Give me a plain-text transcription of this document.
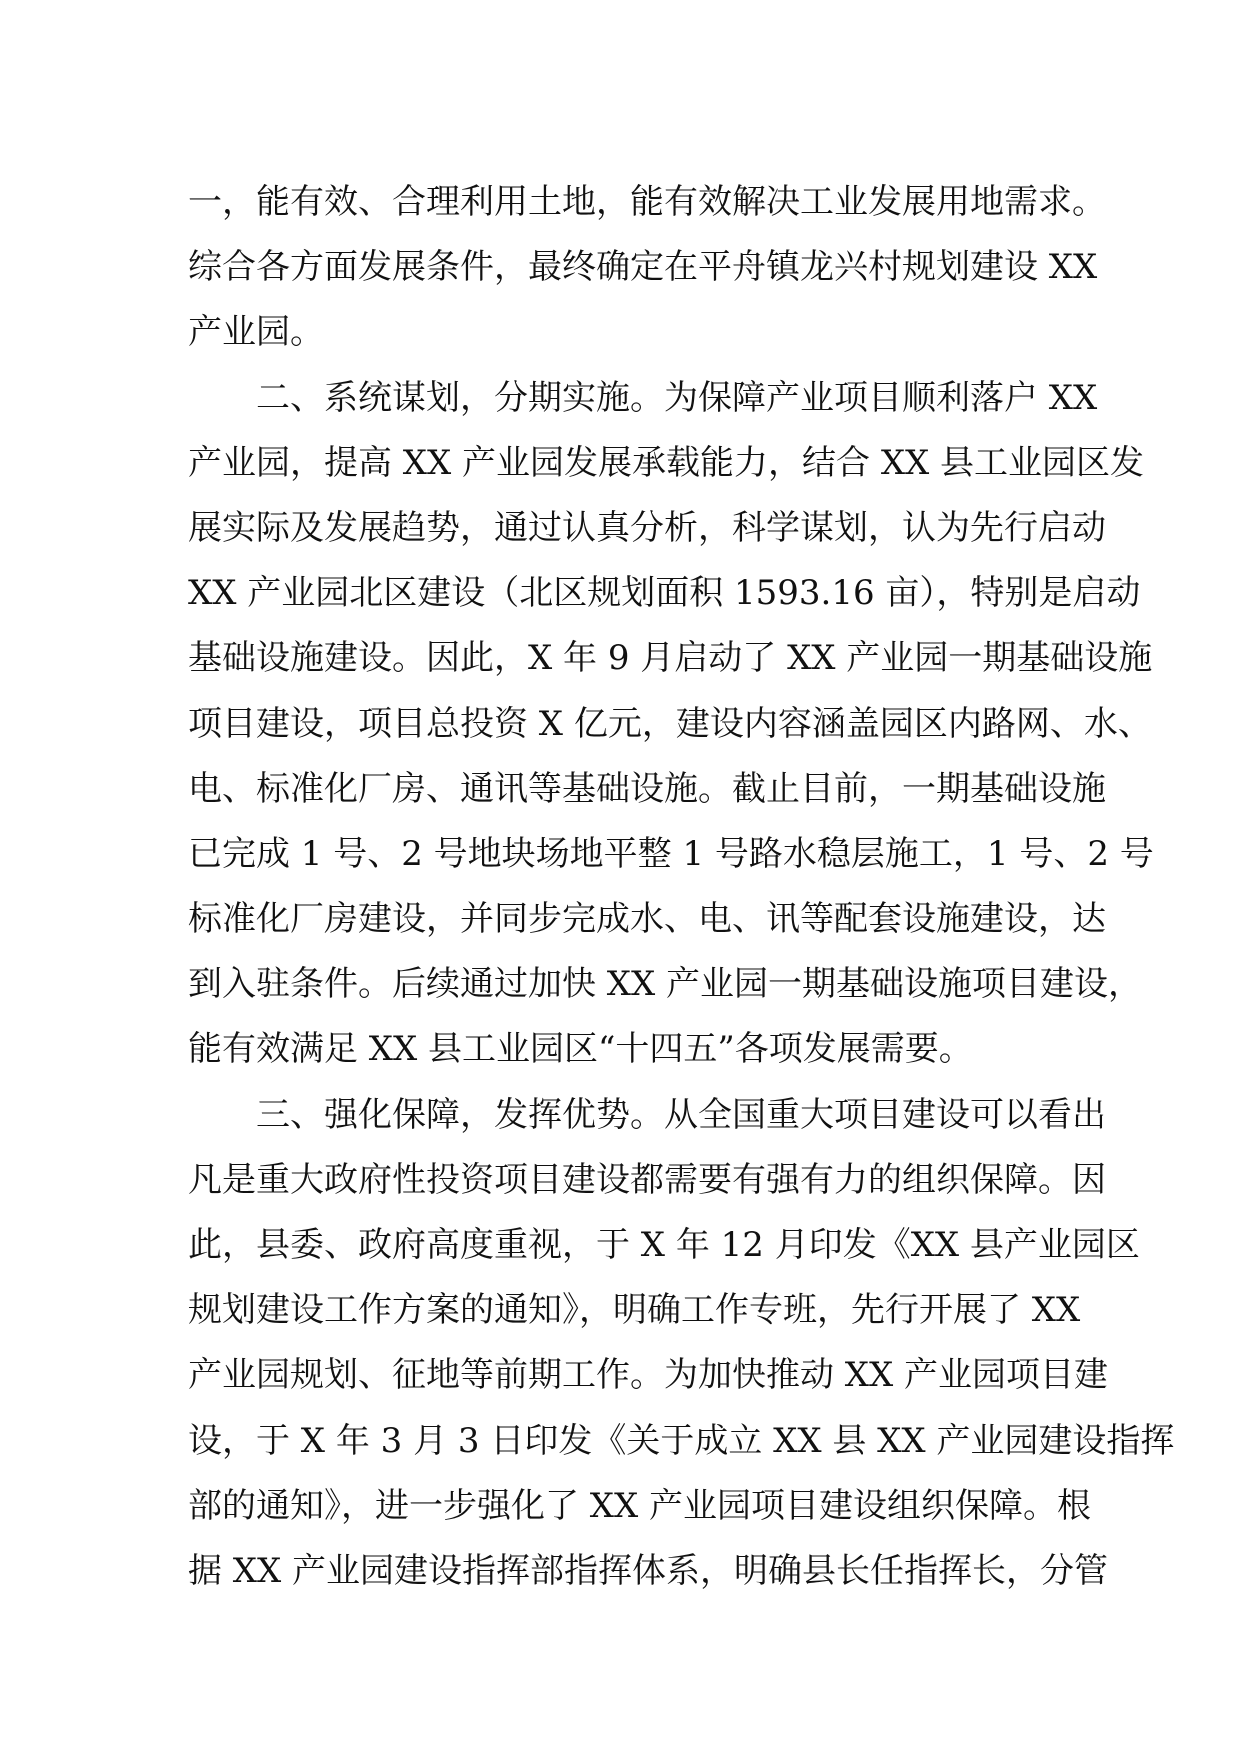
一，能有效、合理利用土地，能有效解决工业发展用地需求。
综合各方面发展条件，最终确定在平舟镇龙兴村规划建设 XX
产业园。
二、系统谋划，分期实施。为保障产业项目顺利落户 XX
产业园，提高 XX 产业园发展承载能力，结合 XX 县工业园区发
展实际及发展趋势，通过认真分析，科学谋划，认为先行启动
XX 产业园北区建设（北区规划面积 1593.16 亩），特别是启动
基础设施建设。因此，X 年 9 月启动了 XX 产业园一期基础设施
项目建设，项目总投资 X 亿元，建设内容涵盖园区内路网、水、
电、标准化厂房、通讯等基础设施。截止目前，一期基础设施
已完成 1 号、2 号地块场地平整 1 号路水稳层施工，1 号、2 号
标准化厂房建设，并同步完成水、电、讯等配套设施建设，达
到入驻条件。后续通过加快 XX 产业园一期基础设施项目建设，
能有效满足 XX 县工业园区“十四五”各项发展需要。
三、强化保障，发挥优势。从全国重大项目建设可以看出
凡是重大政府性投资项目建设都需要有强有力的组织保障。因
此，县委、政府高度重视，于 X 年 12 月印发《XX 县产业园区
规划建设工作方案的通知》，明确工作专班，先行开展了 XX
产业园规划、征地等前期工作。为加快推动 XX 产业园项目建
设，于 X 年 3 月 3 日印发《关于成立 XX 县 XX 产业园建设指挥
部的通知》，进一步强化了 XX 产业园项目建设组织保障。根
据 XX 产业园建设指挥部指挥体系，明确县长任指挥长，分管
